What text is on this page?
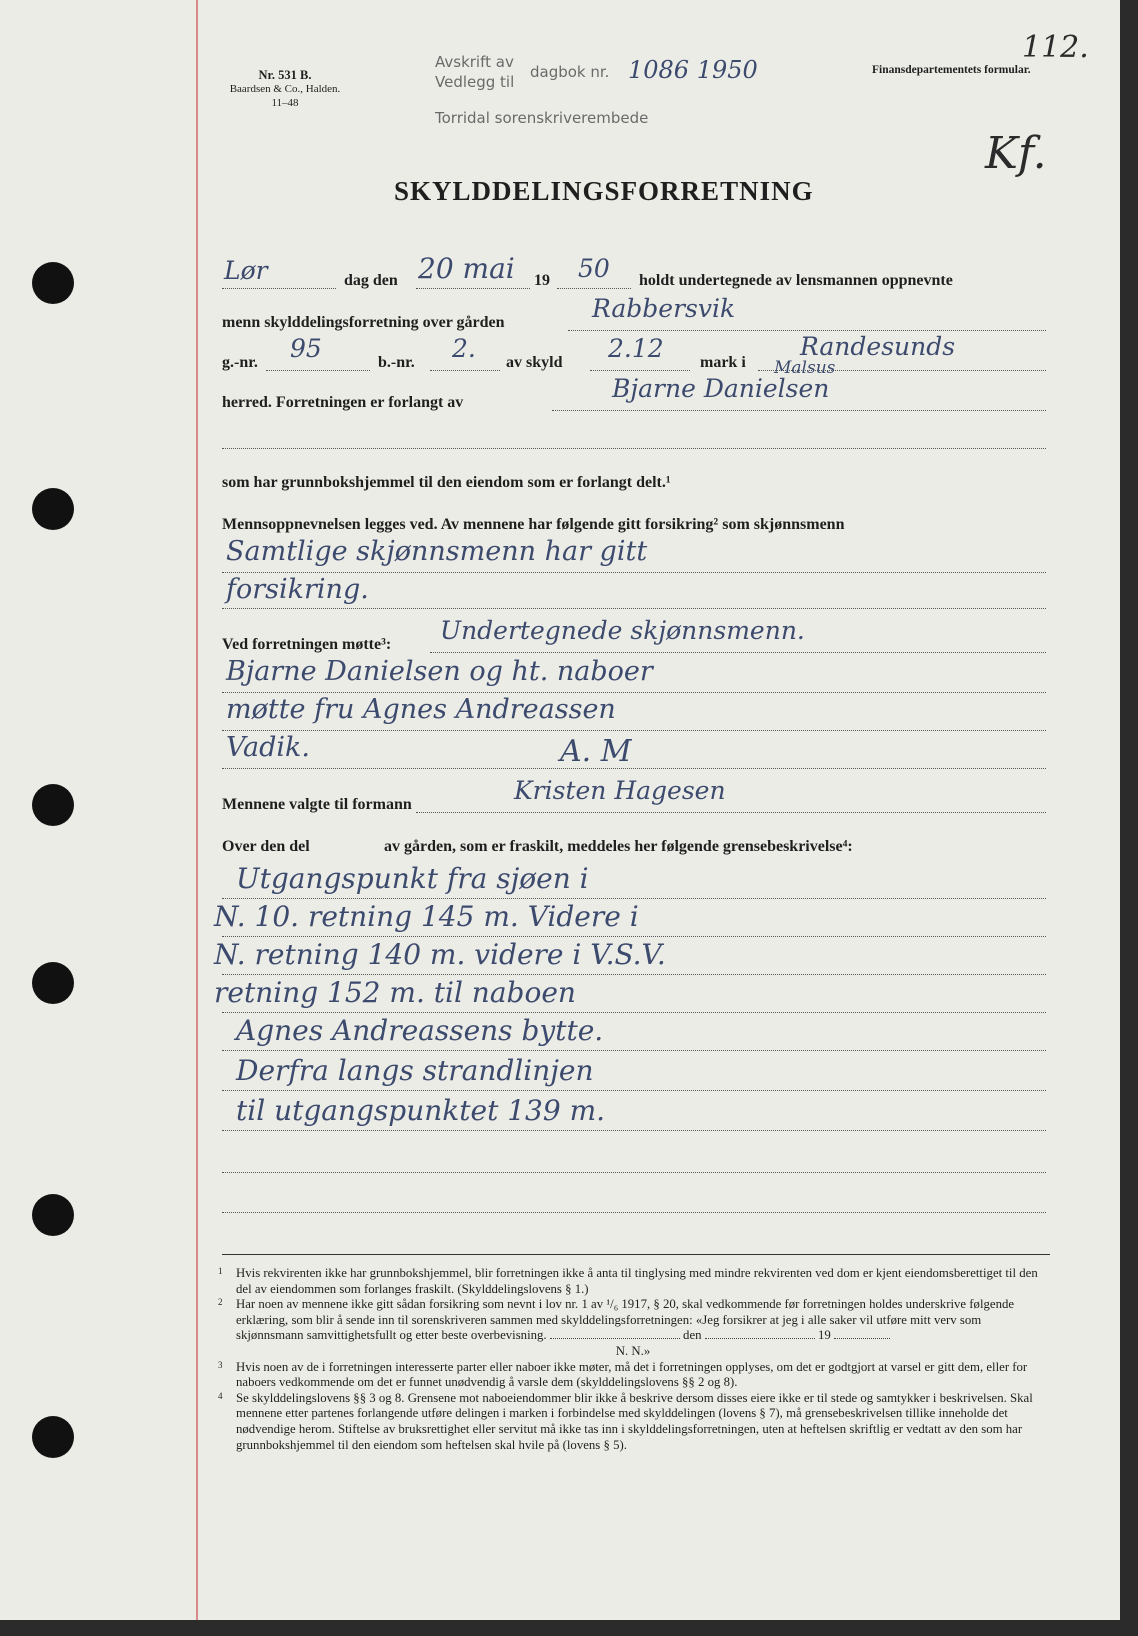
Nr. 531 B.
Baardsen & Co., Halden.
11–48
Avskrift av
Vedlegg til
dagbok nr. 1086 1950
Torridal sorenskriverembede
Finansdepartementets formular.
112.
Kf.
SKYLDDELINGSFORRETNING
Lør	dag den 20 mai 19 50 holdt undertegnede av lensmannen oppnevnte
menn skylddelingsforretning over gården	Rabbersvik
g.-nr. 95	b.-nr. 2. av skyld 2.12 mark i
Randesunds
Malsus
herred. Forretningen er forlangt av	Bjarne Danielsen
som har grunnbokshjemmel til den eiendom som er forlangt delt.¹
Mennsoppnevnelsen legges ved. Av mennene har følgende gitt forsikring² som skjønnsmenn
Samtlige skjønnsmenn har gitt
forsikring.
Ved forretningen møtte³: Undertegnede skjønnsmenn.
Bjarne Danielsen og ht. naboer
møtte fru Agnes Andreassen
Vadik.	A. M
Mennene valgte til formann	Kristen Hagesen
Over den del	av gården, som er fraskilt, meddeles her følgende grensebeskrivelse⁴:
Utgangspunkt fra sjøen i
N. 10. retning 145 m. Videre i
N. retning 140 m. videre i V.S.V.
retning 152 m. til naboen
Agnes Andreassens bytte.
Derfra langs strandlinjen
til utgangspunktet 139 m.

1 Hvis rekvirenten ikke har grunnbokshjemmel, blir forretningen ikke å anta til tinglysing med mindre rekvirenten ved dom er kjent eiendomsberettiget til den del av eiendommen som forlanges fraskilt. (Skylddelingslovens § 1.)

2 Har noen av mennene ikke gitt sådan forsikring som nevnt i lov nr. 1 av ¹/₆ 1917, § 20, skal vedkommende før forretningen holdes underskrive følgende erklæring, som blir å sende inn til sorenskriveren sammen med skylddelingsforretningen: «Jeg forsikrer at jeg i alle saker vil utføre mitt verv som skjønnsmann samvittighetsfullt og etter beste overbevisning.	den	19

N. N.»

3 Hvis noen av de i forretningen interesserte parter eller naboer ikke møter, må det i forretningen opplyses, om det er godtgjort at varsel er gitt dem, eller for naboers vedkommende om det er funnet unødvendig å varsle dem (skylddelingslovens §§ 2 og 8).

4 Se skylddelingslovens §§ 3 og 8. Grensene mot naboeiendommer blir ikke å beskrive dersom disses eiere ikke er til stede og samtykker i beskrivelsen. Skal mennene etter partenes forlangende utføre delingen i marken i forbindelse med skylddelingen (lovens § 7), må grensebeskrivelsen tillike inneholde det nødvendige herom. Stiftelse av bruksrettighet eller servitut må ikke tas inn i skylddelingsforretningen, uten at heftelsen skriftlig er vedtatt av den som har grunnbokshjemmel til den eiendom som heftelsen skal hvile på (lovens § 5).
